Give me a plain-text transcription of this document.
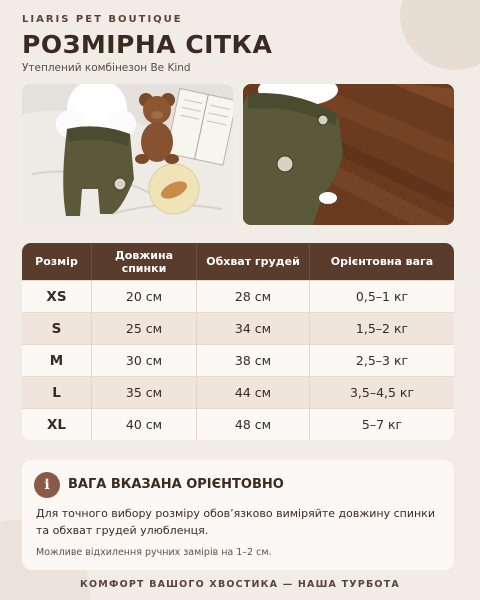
LIARIS PET BOUTIQUE
РОЗМІРНА СІТКА
Утеплений комбінезон Be Kind
Розмір	Довжина спинки	Обхват грудей	Орієнтовна вага
XS	20 см	28 см	0,5–1 кг
S	25 см	34 см	1,5–2 кг
M	30 см	38 см	2,5–3 кг
L	35 см	44 см	3,5–4,5 кг
XL	40 см	48 см	5–7 кг
i	ВАГА ВКАЗАНА ОРІЄНТОВНО
Для точного вибору розміру обов’язково виміряйте довжину спинки та обхват грудей улюбленця.
Можливе відхилення ручних замірів на 1–2 см.
КОМФОРТ ВАШОГО ХВОСТИКА — НАША ТУРБОТА
